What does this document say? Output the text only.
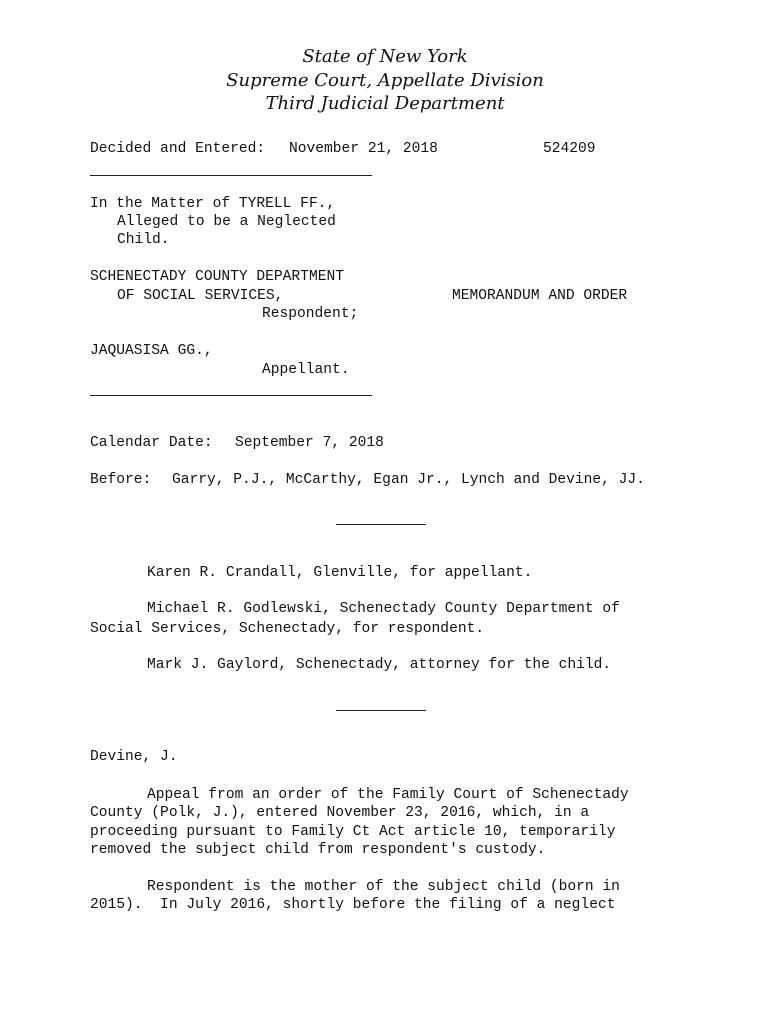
State of New York
Supreme Court, Appellate Division
Third Judicial Department
Decided and Entered: November 21, 2018	524209
In the Matter of TYRELL FF.,
Alleged to be a Neglected
Child.
SCHENECTADY COUNTY DEPARTMENT
OF SOCIAL SERVICES,	MEMORANDUM AND ORDER
Respondent;
JAQUASISA GG.,
Appellant.
Calendar Date: September 7, 2018
Before: Garry, P.J., McCarthy, Egan Jr., Lynch and Devine, JJ.
Karen R. Crandall, Glenville, for appellant.
Michael R. Godlewski, Schenectady County Department of
Social Services, Schenectady, for respondent.
Mark J. Gaylord, Schenectady, attorney for the child.
Devine, J.
Appeal from an order of the Family Court of Schenectady
County (Polk, J.), entered November 23, 2016, which, in a
proceeding pursuant to Family Ct Act article 10, temporarily
removed the subject child from respondent's custody.
Respondent is the mother of the subject child (born in
2015).  In July 2016, shortly before the filing of a neglect
